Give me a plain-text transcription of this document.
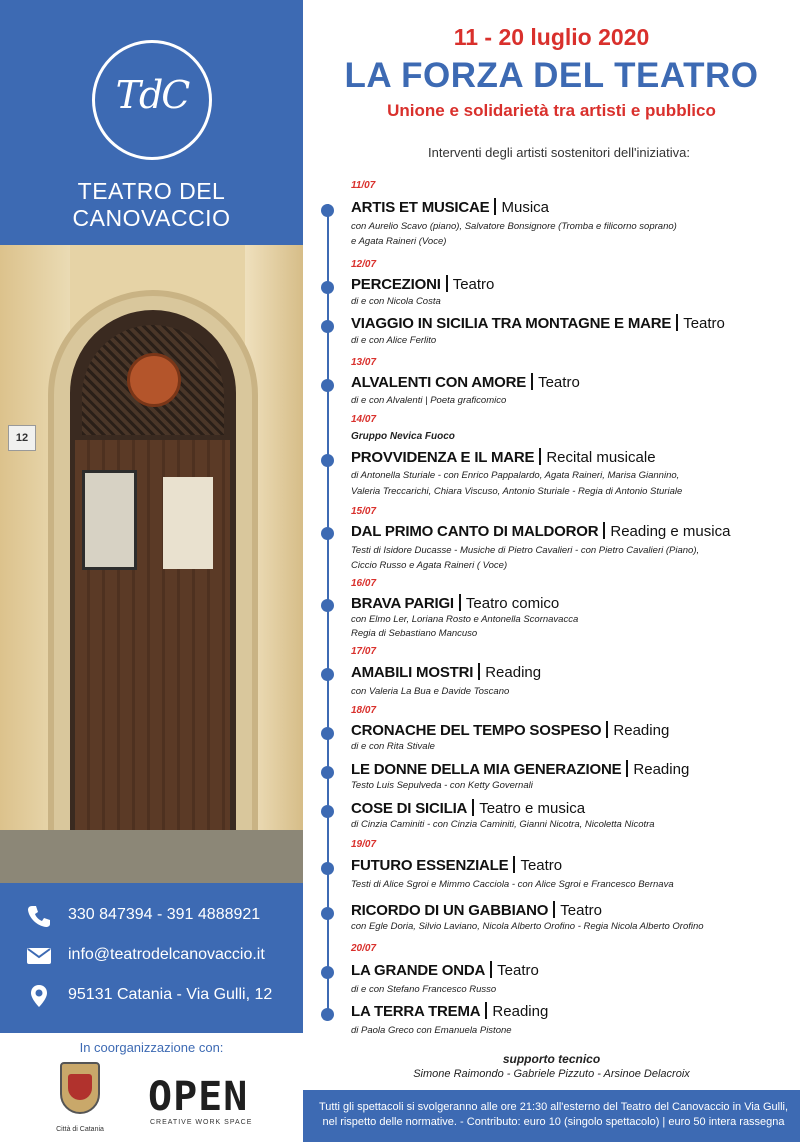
TdC
TEATRO DEL CANOVACCIO
12
330 847394 - 391 4888921
info@teatrodelcanovaccio.it
95131 Catania - Via Gulli, 12
In coorganizzazione con:
Città di Catania
OPEN
CREATIVE WORK SPACE
11 - 20 luglio 2020
LA FORZA DEL TEATRO
Unione e solidarietà tra artisti e pubblico
Interventi degli artisti sostenitori dell'iniziativa:
11/07
ARTIS ET MUSICAE Musica
con Aurelio Scavo (piano), Salvatore Bonsignore (Tromba e filicorno soprano)
e Agata Raineri (Voce)
12/07
PERCEZIONI Teatro
di e con Nicola Costa
VIAGGIO IN SICILIA TRA MONTAGNE E MARE Teatro
di e con Alice Ferlito
13/07
ALVALENTI CON AMORE Teatro
di e con Alvalenti | Poeta graficomico
14/07
Gruppo Nevica Fuoco
PROVVIDENZA E IL MARE Recital musicale
di Antonella Sturiale - con Enrico Pappalardo, Agata Raineri, Marisa Giannino,
Valeria Treccarichi, Chiara Viscuso, Antonio Sturiale - Regia di Antonio Sturiale
15/07
DAL PRIMO CANTO DI MALDOROR Reading e musica
Testi di Isidore Ducasse - Musiche di Pietro Cavalieri - con Pietro Cavalieri (Piano),
Ciccio Russo e Agata Raineri ( Voce)
16/07
BRAVA PARIGI Teatro comico
con Elmo Ler, Loriana Rosto e Antonella Scornavacca
Regia di Sebastiano Mancuso
17/07
AMABILI MOSTRI Reading
con Valeria La Bua e Davide Toscano
18/07
CRONACHE DEL TEMPO SOSPESO Reading
di e con Rita Stivale
LE DONNE DELLA MIA GENERAZIONE Reading
Testo Luis Sepulveda - con Ketty Governali
COSE DI SICILIA Teatro e musica
di Cinzia Caminiti - con Cinzia Caminiti, Gianni Nicotra, Nicoletta Nicotra
19/07
FUTURO ESSENZIALE Teatro
Testi di Alice Sgroi e Mimmo Cacciola - con Alice Sgroi e Francesco Bernava
RICORDO DI UN GABBIANO Teatro
con Egle Doria, Silvio Laviano, Nicola Alberto Orofino - Regia Nicola Alberto Orofino
20/07
LA GRANDE ONDA Teatro
di e con Stefano Francesco Russo
LA TERRA TREMA Reading
di Paola Greco con Emanuela Pistone
supporto tecnico
Simone Raimondo - Gabriele Pizzuto - Arsinoe Delacroix
Tutti gli spettacoli si svolgeranno alle ore 21:30 all'esterno del Teatro del Canovaccio in Via Gulli,
nel rispetto delle normative. - Contributo: euro 10 (singolo spettacolo) | euro 50 intera rassegna
